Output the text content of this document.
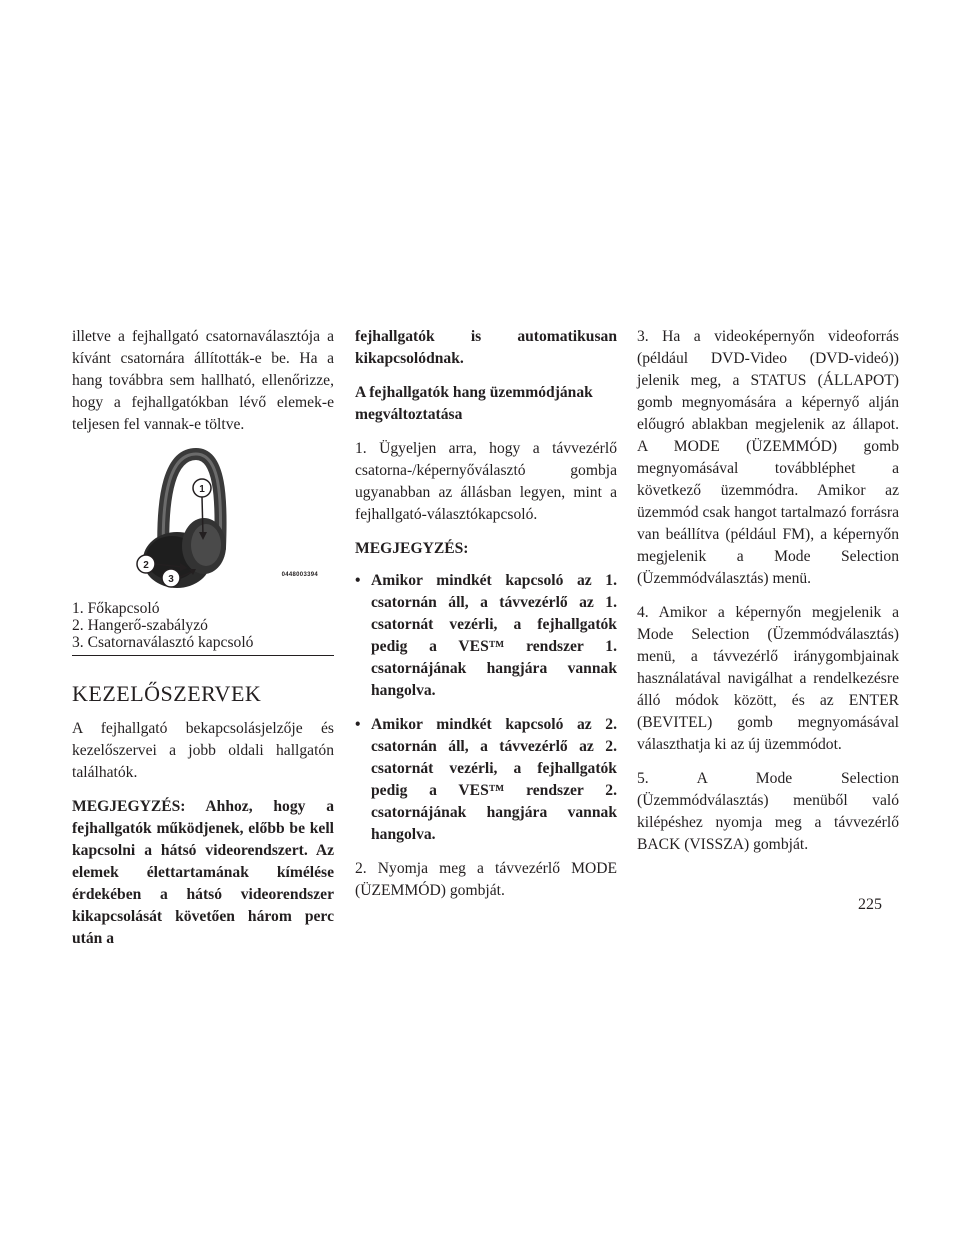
illetve a fejhallgató csatornaválasztója a kívánt csatornára állították-e be. Ha a hang továbbra sem hallható, ellenőrizze, hogy a fejhallgatókban lévő elemek-e teljesen fel vannak-e töltve.

1
2
3	0448003394
1. Főkapcsoló
2. Hangerő-szabályzó
3. Csatornaválasztó kapcsoló
KEZELŐSZERVEK

A fejhallgató bekapcsolásjelzője és kezelőszervei a jobb oldali hallgatón találhatók.

MEGJEGYZÉS: Ahhoz, hogy a fejhallgatók működjenek, előbb be kell kapcsolni a hátsó videorendszert. Az elemek élettartamának kímélése érdekében a hátsó videorendszer kikapcsolását követően három perc után a

fejhallgatók is automatikusan kikapcsolódnak.

A fejhallgatók hang üzemmódjának megváltoztatása

1. Ügyeljen arra, hogy a távvezérlő csatorna-/képernyőválasztó gombja ugyanabban az állásban legyen, mint a fejhallgató-választókapcsoló.

MEGJEGYZÉS:
• Amikor mindkét kapcsoló az 1. csatornán áll, a távvezérlő az 1. csatornát vezérli, a fejhallgatók pedig a VES™ rendszer 1. csatornájának hangjára vannak hangolva.
• Amikor mindkét kapcsoló az 2. csatornán áll, a távvezérlő az 2. csatornát vezérli, a fejhallgatók pedig a VES™ rendszer 2. csatornájának hangjára vannak hangolva.

2. Nyomja meg a távvezérlő MODE (ÜZEMMÓD) gombját.

3. Ha a videoképernyőn videoforrás (például DVD-Video (DVD-videó)) jelenik meg, a STATUS (ÁLLAPOT) gomb megnyomására a képernyő alján előugró ablakban megjelenik az állapot. A MODE (ÜZEMMÓD) gomb megnyomásával továbbléphet a következő üzemmódra. Amikor az üzemmód csak hangot tartalmazó forrásra van beállítva (például FM), a képernyőn megjelenik a Mode Selection (Üzemmódválasztás) menü.

4. Amikor a képernyőn megjelenik a Mode Selection (Üzemmódválasztás) menü, a távvezérlő iránygombjainak használatával navigálhat a rendelkezésre álló módok között, és az ENTER (BEVITEL) gomb megnyomásával választhatja ki az új üzemmódot.

5. A Mode Selection (Üzemmódválasztás) menüből való kilépéshez nyomja meg a távvezérlő BACK (VISSZA) gombját.

225
